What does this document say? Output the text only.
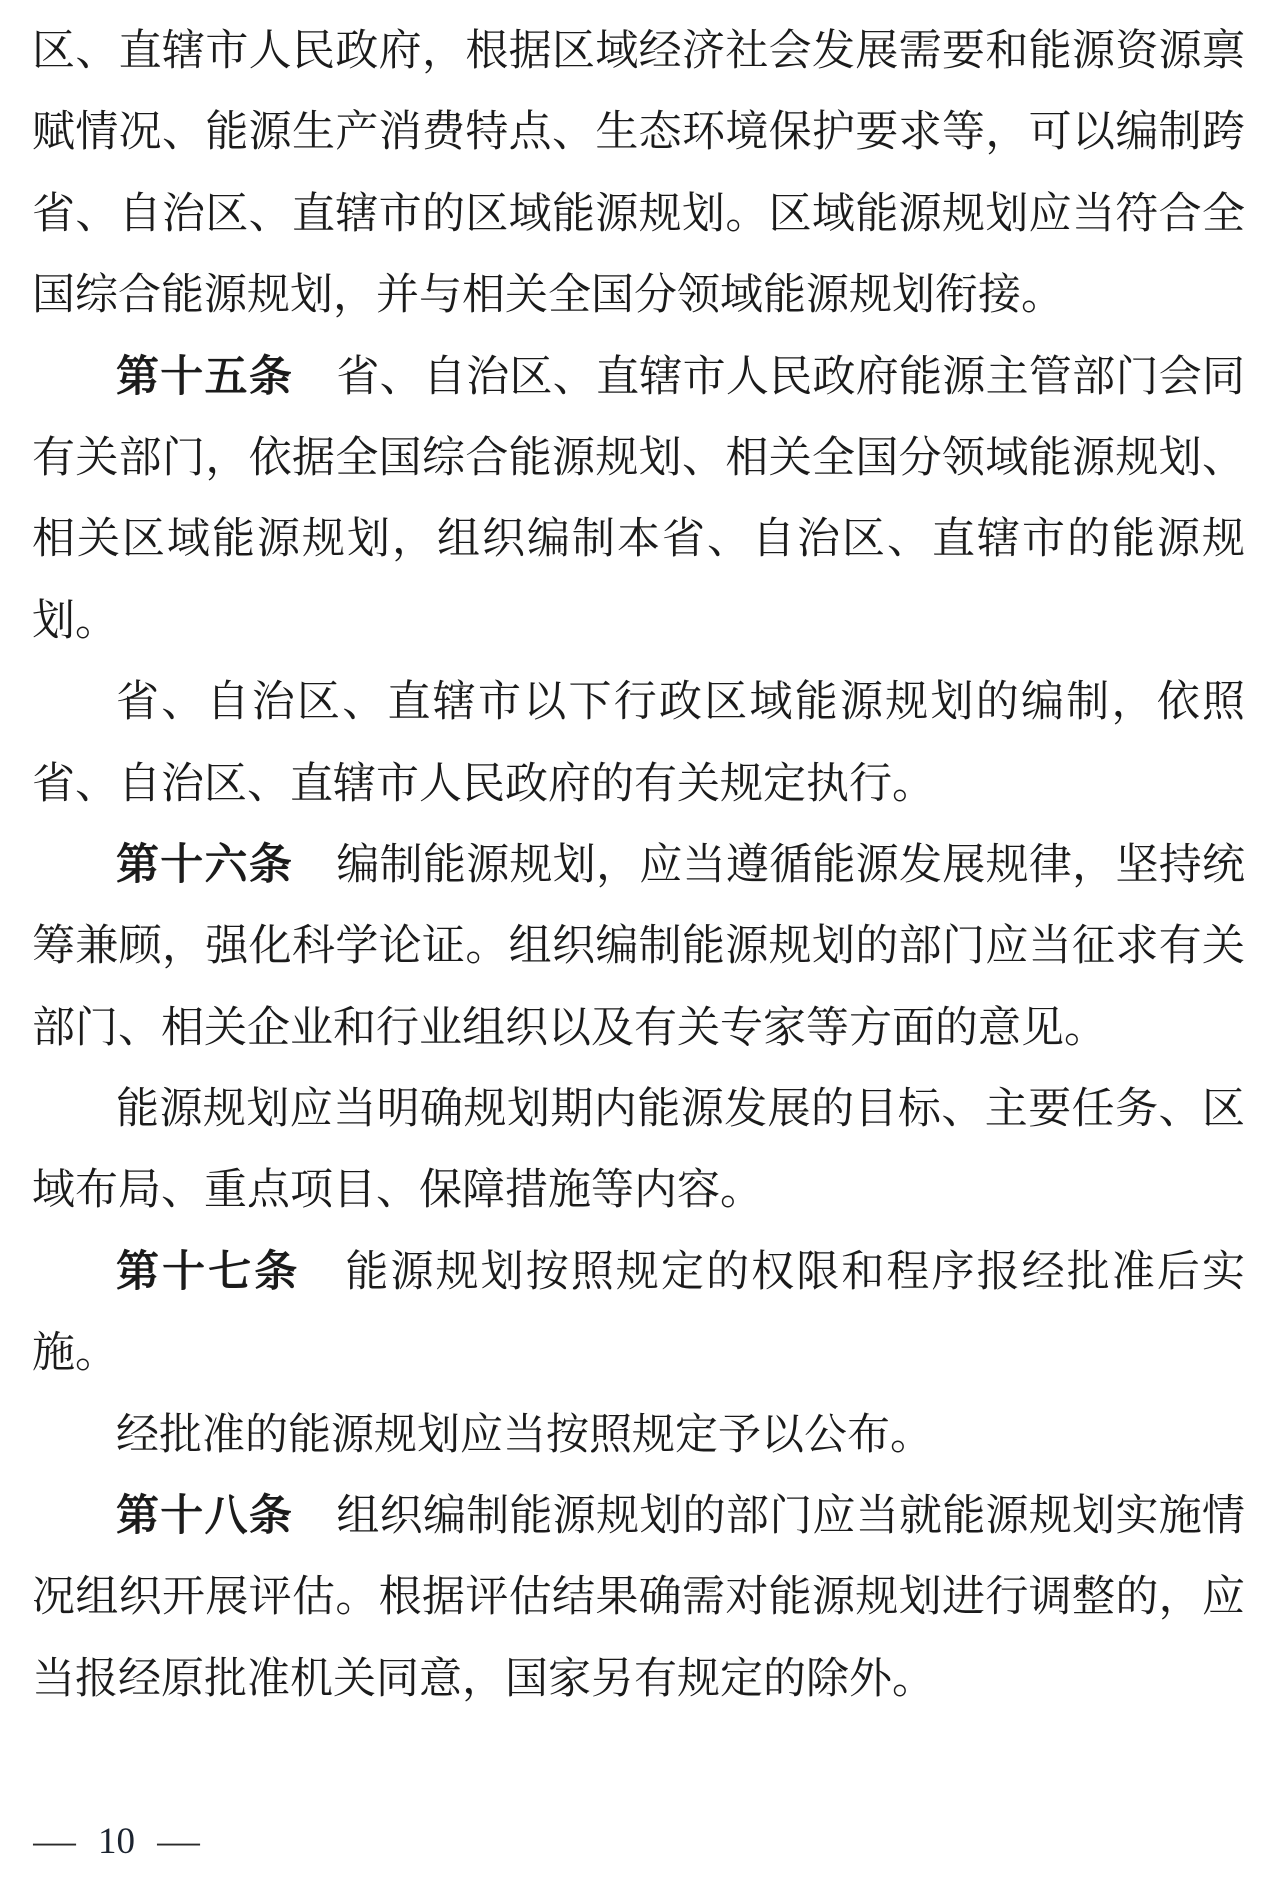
区、直辖市人民政府，根据区域经济社会发展需要和能源资源禀
赋情况、能源生产消费特点、生态环境保护要求等，可以编制跨
省、自治区、直辖市的区域能源规划。区域能源规划应当符合全
国综合能源规划，并与相关全国分领域能源规划衔接。
第十五条 省、自治区、直辖市人民政府能源主管部门会同
有关部门，依据全国综合能源规划、相关全国分领域能源规划、
相关区域能源规划，组织编制本省、自治区、直辖市的能源规
划。
省、自治区、直辖市以下行政区域能源规划的编制，依照
省、自治区、直辖市人民政府的有关规定执行。
第十六条 编制能源规划，应当遵循能源发展规律，坚持统
筹兼顾，强化科学论证。组织编制能源规划的部门应当征求有关
部门、相关企业和行业组织以及有关专家等方面的意见。
能源规划应当明确规划期内能源发展的目标、主要任务、区
域布局、重点项目、保障措施等内容。
第十七条 能源规划按照规定的权限和程序报经批准后实
施。
经批准的能源规划应当按照规定予以公布。
第十八条 组织编制能源规划的部门应当就能源规划实施情
况组织开展评估。根据评估结果确需对能源规划进行调整的，应
当报经原批准机关同意，国家另有规定的除外。
— 10 —
